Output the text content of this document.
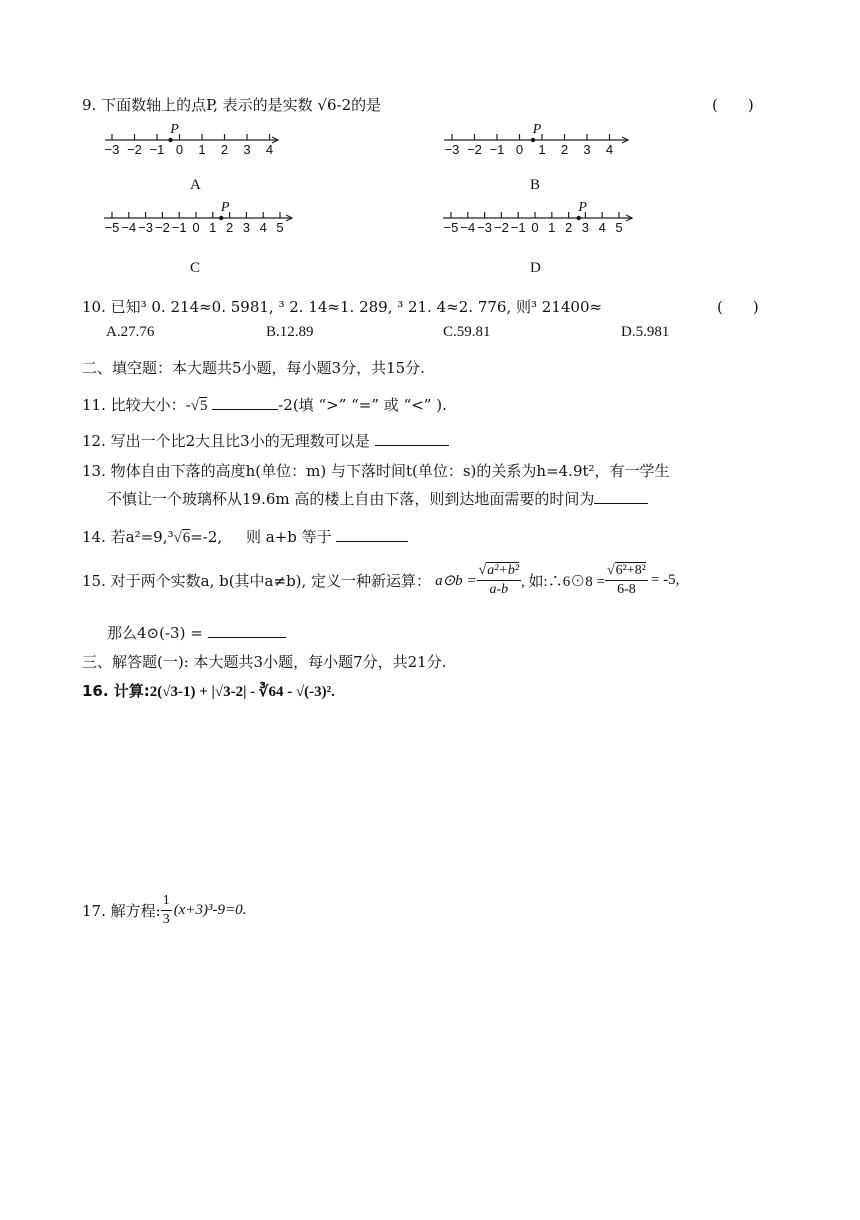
9. 下面数轴上的点P, 表示的是实数 √6-2的是	(　　)
−3 −2 −1 0 1 2 3 4
P
−3 −2 −1 0 1 2 3 4
P
−5 −4 −3 −2 −1 0 1 2 3 4 5
P
−5 −4 −3 −2 −1 0 1 2 3 4 5
P
A	B
C	D
10. 已知³ 0. 214≈0. 5981, ³ 2. 14≈1. 289, ³ 21. 4≈2. 776, 则³ 21400≈	(　　)
A.27.76	B.12.89	C.59.81	D.5.981
二、填空题：本大题共5小题，每小题3分，共15分.
11. 比较大小：-√5	-2(填 “>” “=” 或 “<” ).
12. 写出一个比2大且比3小的无理数可以是
13. 物体自由下落的高度h(单位：m) 与下落时间t(单位：s)的关系为h=4.9t²，有一学生
不慎让一个玻璃杯从19.6m 高的楼上自由下落，则到达地面需要的时间为
14. 若a²=9,³√6=-2, 则 a+b 等于
15. 对于两个实数a, b(其中a≠b), 定义一种新运算： a⊙b = $\frac{\text{√a²+b²}}{a-b}$ , 如:∴6⊙8 = $\frac{\text{√6²+8²}}{6-8} = -5$,
那么4⊙(-3) =
三、解答题(一): 本大题共3小题，每小题7分，共21分.
16. 计算:2(√3-1) + |√3-2| - ∛64 - √(-3)².
17. 解方程: $\frac{1}{3} (x+3)^3-9=0$.
